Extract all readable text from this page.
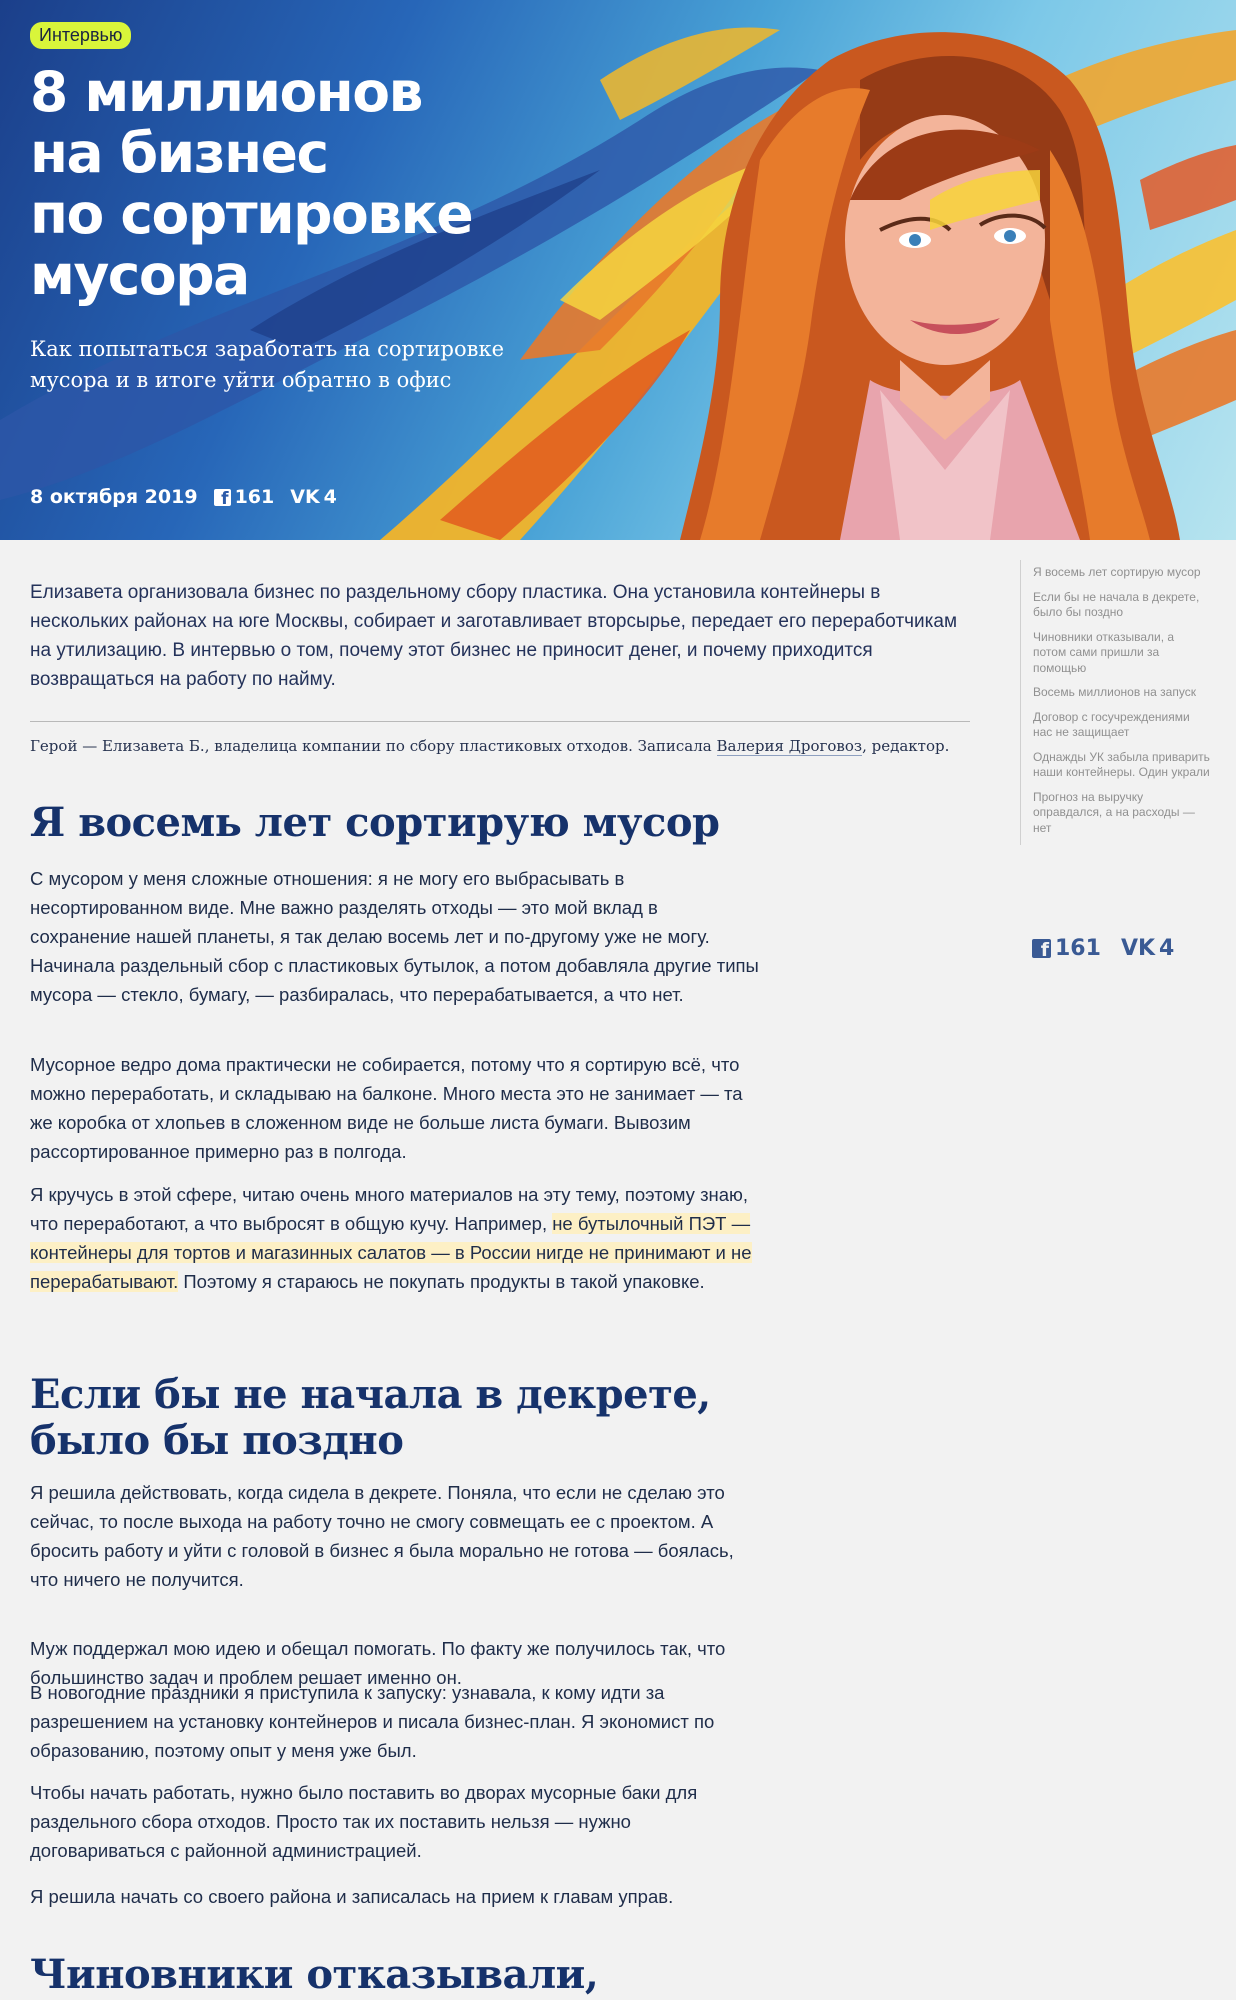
Интервью
8 миллионов
на бизнес
по сортировке
мусора

Как попытаться заработать на сортировке мусора и в итоге уйти обратно в офис

8 октября 2019
f 161 VK 4

Елизавета организовала бизнес по раздельному сбору пластика. Она установила контейнеры в нескольких районах на юге Москвы, собирает и заготавливает вторсырье, передает его переработчикам на утилизацию. В интервью о том, почему этот бизнес не приносит денег, и почему приходится возвращаться на работу по найму.

Герой — Елизавета Б., владелица компании по сбору пластиковых отходов. Записала Валерия Дроговоз, редактор.

Я восемь лет сортирую мусор

С мусором у меня сложные отношения: я не могу его выбрасывать в несортированном виде. Мне важно разделять отходы — это мой вклад в сохранение нашей планеты, я так делаю восемь лет и по-другому уже не могу. Начинала раздельный сбор с пластиковых бутылок, а потом добавляла другие типы мусора — стекло, бумагу, — разбиралась, что перерабатывается, а что нет.

Мусорное ведро дома практически не собирается, потому что я сортирую всё, что можно переработать, и складываю на балконе. Много места это не занимает — та же коробка от хлопьев в сложенном виде не больше листа бумаги. Вывозим рассортированное примерно раз в полгода.

Я кручусь в этой сфере, читаю очень много материалов на эту тему, поэтому знаю, что переработают, а что выбросят в общую кучу. Например, не бутылочный ПЭТ — контейнеры для тортов и магазинных салатов — в России нигде не принимают и не перерабатывают. Поэтому я стараюсь не покупать продукты в такой упаковке.

Если бы не начала в декрете,
было бы поздно

Я решила действовать, когда сидела в декрете. Поняла, что если не сделаю это сейчас, то после выхода на работу точно не смогу совмещать ее с проектом. А бросить работу и уйти с головой в бизнес я была морально не готова — боялась, что ничего не получится.

Муж поддержал мою идею и обещал помогать. По факту же получилось так, что большинство задач и проблем решает именно он.

В новогодние праздники я приступила к запуску: узнавала, к кому идти за разрешением на установку контейнеров и писала бизнес-план. Я экономист по образованию, поэтому опыт у меня уже был.

Чтобы начать работать, нужно было поставить во дворах мусорные баки для раздельного сбора отходов. Просто так их поставить нельзя — нужно договариваться с районной администрацией.

Я решила начать со своего района и записалась на прием к главам управ.

Чиновники отказывали,
Я восемь лет сортирую мусор
Если бы не начала в декрете, было бы поздно
Чиновники отказывали, а потом сами пришли за помощью
Восемь миллионов на запуск
Договор с госучреждениями нас не защищает
Однажды УК забыла приварить наши контейнеры. Один украли
Прогноз на выручку оправдался, а на расходы — нет
f
161 VK 4
